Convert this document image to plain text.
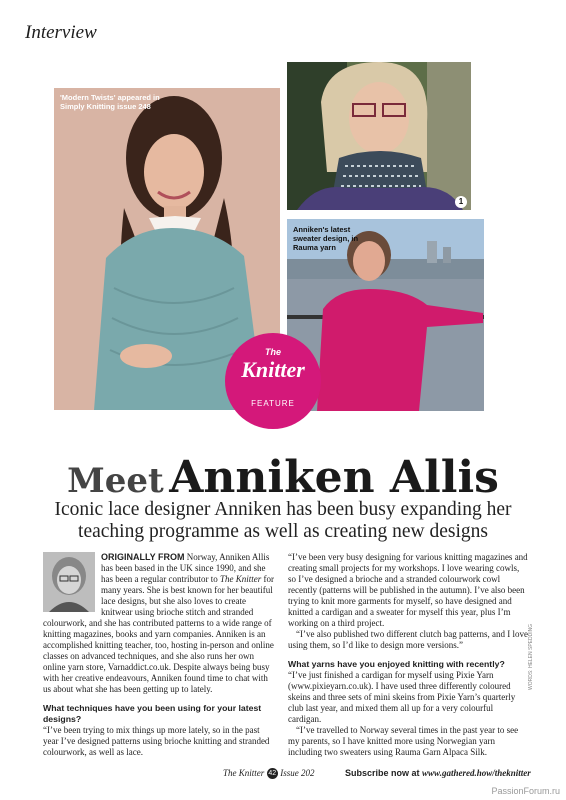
Interview
'Modern Twists' appeared in Simply Knitting issue 248
1
Anniken's latest sweater design, in Rauma yarn
The
Knitter
FEATURE
Meet Anniken Allis
Iconic lace designer Anniken has been busy expanding her teaching programme as well as creating new designs

ORIGINALLY FROM Norway, Anniken Allis has been based in the UK since 1990, and she has been a regular contributor to The Knitter for many years. She is best known for her beautiful lace designs, but she also loves to create knitwear using brioche stitch and stranded colourwork, and she has contributed patterns to a wide range of knitting magazines, books and yarn companies. Anniken is an accomplished knitting teacher, too, hosting in-person and online classes on advanced techniques, and she also runs her own online yarn store, Varnaddict.co.uk. Despite always being busy with her creative endeavours, Anniken found time to chat with us about what she has been getting up to lately.

What techniques have you been using for your latest designs?

“I’ve been trying to mix things up more lately, so in the past year I’ve designed patterns using brioche knitting and stranded colourwork, as well as lace.

“I’ve been very busy designing for various knitting magazines and creating small projects for my workshops. I love wearing cowls, so I’ve designed a brioche and a stranded colourwork cowl recently (patterns will be published in the autumn). I’ve also been trying to knit more garments for myself, so have designed and knitted a cardigan and a sweater for myself this year, plus I’m working on a third project.

“I’ve also published two different clutch bag patterns, and I love using them, so I’d like to design more versions.”

What yarns have you enjoyed knitting with recently?

“I’ve just finished a cardigan for myself using Pixie Yarn (www.pixieyarn.co.uk). I have used three differently coloured skeins and three sets of mini skeins from Pixie Yarn’s quarterly club last year, and mixed them all up for a very colourful cardigan.

“I’ve travelled to Norway several times in the past year to see my parents, so I have knitted more using Norwegian yarn including two sweaters using Rauma Garn Alpaca Silk.

WORDS: HELEN SPEDDING
The Knitter 42 Issue 202	Subscribe now at www.gathered.how/theknitter
PassionForum.ru
